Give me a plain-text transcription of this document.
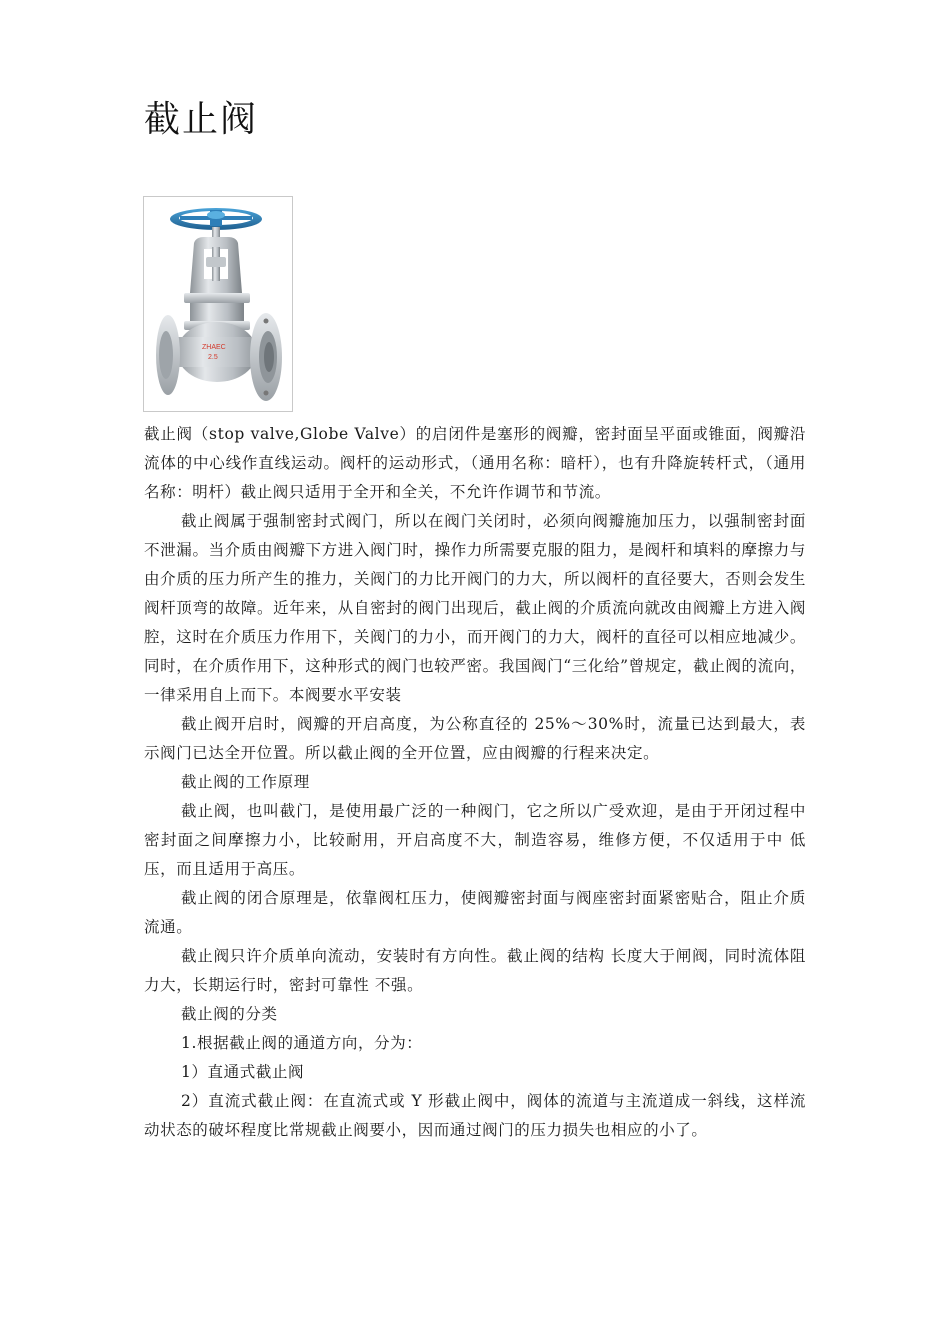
截止阀
ZHAEC
2.5

截止阀（stop valve,Globe Valve）的启闭件是塞形的阀瓣，密封面呈平面或锥面，阀瓣沿流体的中心线作直线运动。阀杆的运动形式，（通用名称：暗杆），也有升降旋转杆式，（通用名称：明杆）截止阀只适用于全开和全关，不允许作调节和节流。

截止阀属于强制密封式阀门，所以在阀门关闭时，必须向阀瓣施加压力，以强制密封面不泄漏。当介质由阀瓣下方进入阀门时，操作力所需要克服的阻力，是阀杆和填料的摩擦力与由介质的压力所产生的推力，关阀门的力比开阀门的力大，所以阀杆的直径要大，否则会发生阀杆顶弯的故障。近年来，从自密封的阀门出现后，截止阀的介质流向就改由阀瓣上方进入阀腔，这时在介质压力作用下，关阀门的力小，而开阀门的力大，阀杆的直径可以相应地减少。同时，在介质作用下，这种形式的阀门也较严密。我国阀门“三化给”曾规定，截止阀的流向，一律采用自上而下。本阀要水平安装

截止阀开启时，阀瓣的开启高度，为公称直径的 25%～30%时，流量已达到最大，表示阀门已达全开位置。所以截止阀的全开位置，应由阀瓣的行程来决定。

截止阀的工作原理

截止阀，也叫截门，是使用最广泛的一种阀门，它之所以广受欢迎，是由于开闭过程中密封面之间摩擦力小，比较耐用，开启高度不大，制造容易，维修方便，不仅适用于中 低压，而且适用于高压。

截止阀的闭合原理是，依靠阀杠压力，使阀瓣密封面与阀座密封面紧密贴合，阻止介质流通。

截止阀只许介质单向流动，安装时有方向性。截止阀的结构 长度大于闸阀，同时流体阻力大，长期运行时，密封可靠性 不强。

截止阀的分类

1.根据截止阀的通道方向，分为：

1）直通式截止阀

2）直流式截止阀：在直流式或 Y 形截止阀中，阀体的流道与主流道成一斜线，这样流动状态的破坏程度比常规截止阀要小，因而通过阀门的压力损失也相应的小了。
